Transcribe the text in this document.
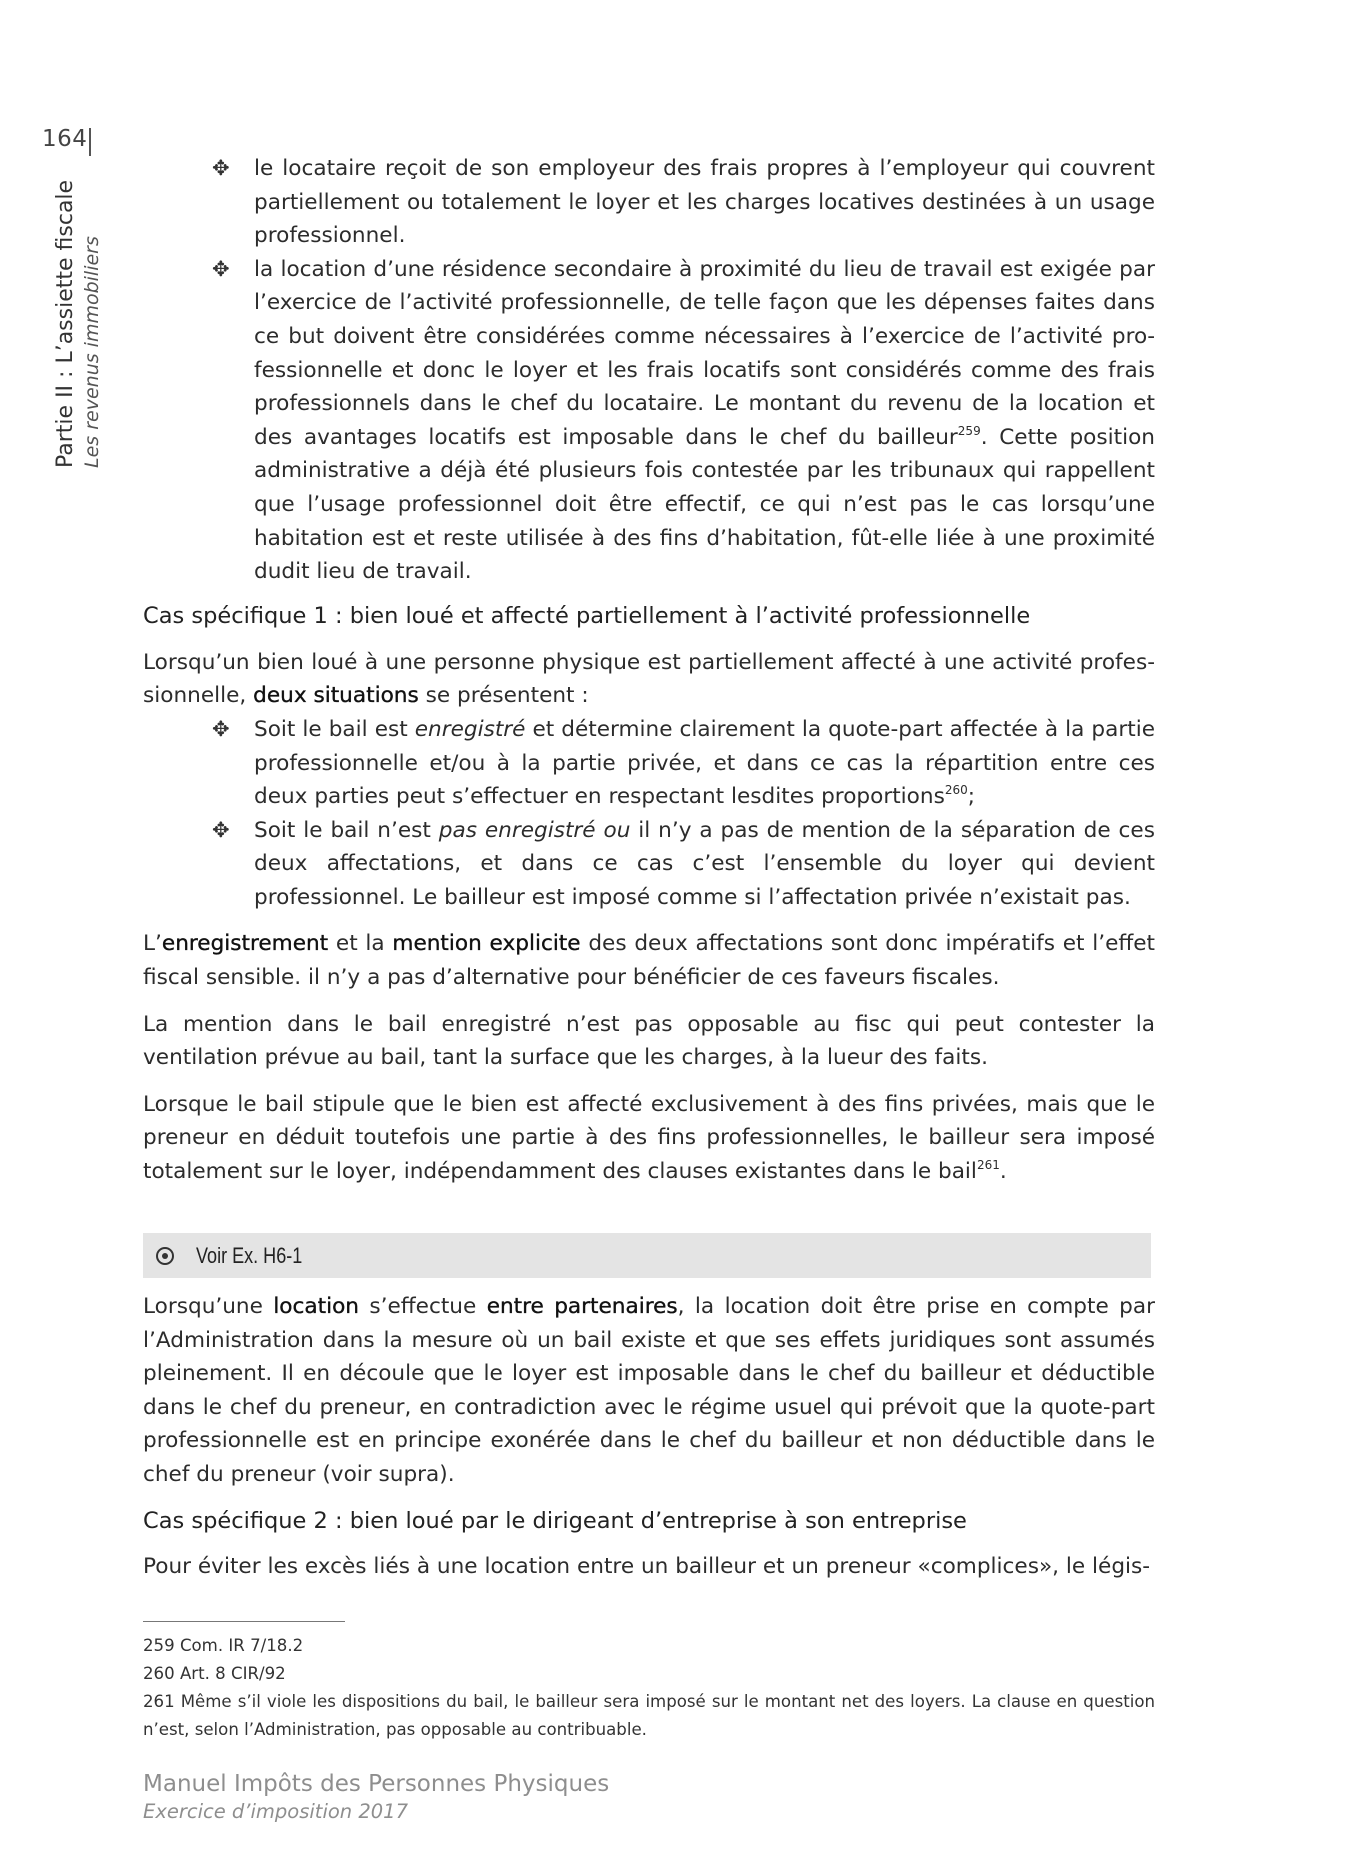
164
Partie II : L’assiette fiscale Les revenus immobiliers
✥ le locataire reçoit de son employeur des frais propres à l’employeur qui couvrent partiellement ou totalement le loyer et les charges locatives destinées à un usage professionnel.
✥ la location d’une résidence secondaire à proximité du lieu de travail est exigée par l’exercice de l’activité professionnelle, de telle façon que les dépenses faites dans ce but doivent être considérées comme nécessaires à l’exercice de l’activité professionnelle et donc le loyer et les frais locatifs sont considérés comme des frais professionnels dans le chef du locataire. Le montant du revenu de la location et des avantages locatifs est imposable dans le chef du bailleur$^{259}$. Cette position administrative a déjà été plusieurs fois contestée par les tribunaux qui rappellent que l’usage professionnel doit être effectif, ce qui n’est pas le cas lorsqu’une habitation est et reste utilisée à des fins d’habitation, fût-elle liée à une proximité dudit lieu de travail.

Cas spécifique 1 : bien loué et affecté partiellement à l’activité professionnelle

Lorsqu’un bien loué à une personne physique est partiellement affecté à une activité professionnelle, deux situations se présentent :

✥ Soit le bail est enregistré et détermine clairement la quote-part affectée à la partie professionnelle et/ou à la partie privée, et dans ce cas la répartition entre ces deux parties peut s’effectuer en respectant lesdites proportions$^{260}$;
✥ Soit le bail n’est pas enregistré ou il n’y a pas de mention de la séparation de ces deux affectations, et dans ce cas c’est l’ensemble du loyer qui devient professionnel. Le bailleur est imposé comme si l’affectation privée n’existait pas.

L’enregistrement et la mention explicite des deux affectations sont donc impératifs et l’effet fiscal sensible. il n’y a pas d’alternative pour bénéficier de ces faveurs fiscales.

La mention dans le bail enregistré n’est pas opposable au fisc qui peut contester la ventilation prévue au bail, tant la surface que les charges, à la lueur des faits.

Lorsque le bail stipule que le bien est affecté exclusivement à des fins privées, mais que le preneur en déduit toutefois une partie à des fins professionnelles, le bailleur sera imposé totalement sur le loyer, indépendamment des clauses existantes dans le bail$^{261}$.

Voir Ex. H6-1

Lorsqu’une location s’effectue entre partenaires, la location doit être prise en compte par l’Administration dans la mesure où un bail existe et que ses effets juridiques sont assumés pleinement. Il en découle que le loyer est imposable dans le chef du bailleur et déductible dans le chef du preneur, en contradiction avec le régime usuel qui prévoit que la quote-part professionnelle est en principe exonérée dans le chef du bailleur et non déductible dans le chef du preneur (voir supra).

Cas spécifique 2 : bien loué par le dirigeant d’entreprise à son entreprise

Pour éviter les excès liés à une location entre un bailleur et un preneur «complices», le légis-

259 Com. IR 7/18.2

260 Art. 8 CIR/92

261 Même s’il viole les dispositions du bail, le bailleur sera imposé sur le montant net des loyers. La clause en question n’est, selon l’Administration, pas opposable au contribuable.

Manuel Impôts des Personnes Physiques
Exercice d’imposition 2017
